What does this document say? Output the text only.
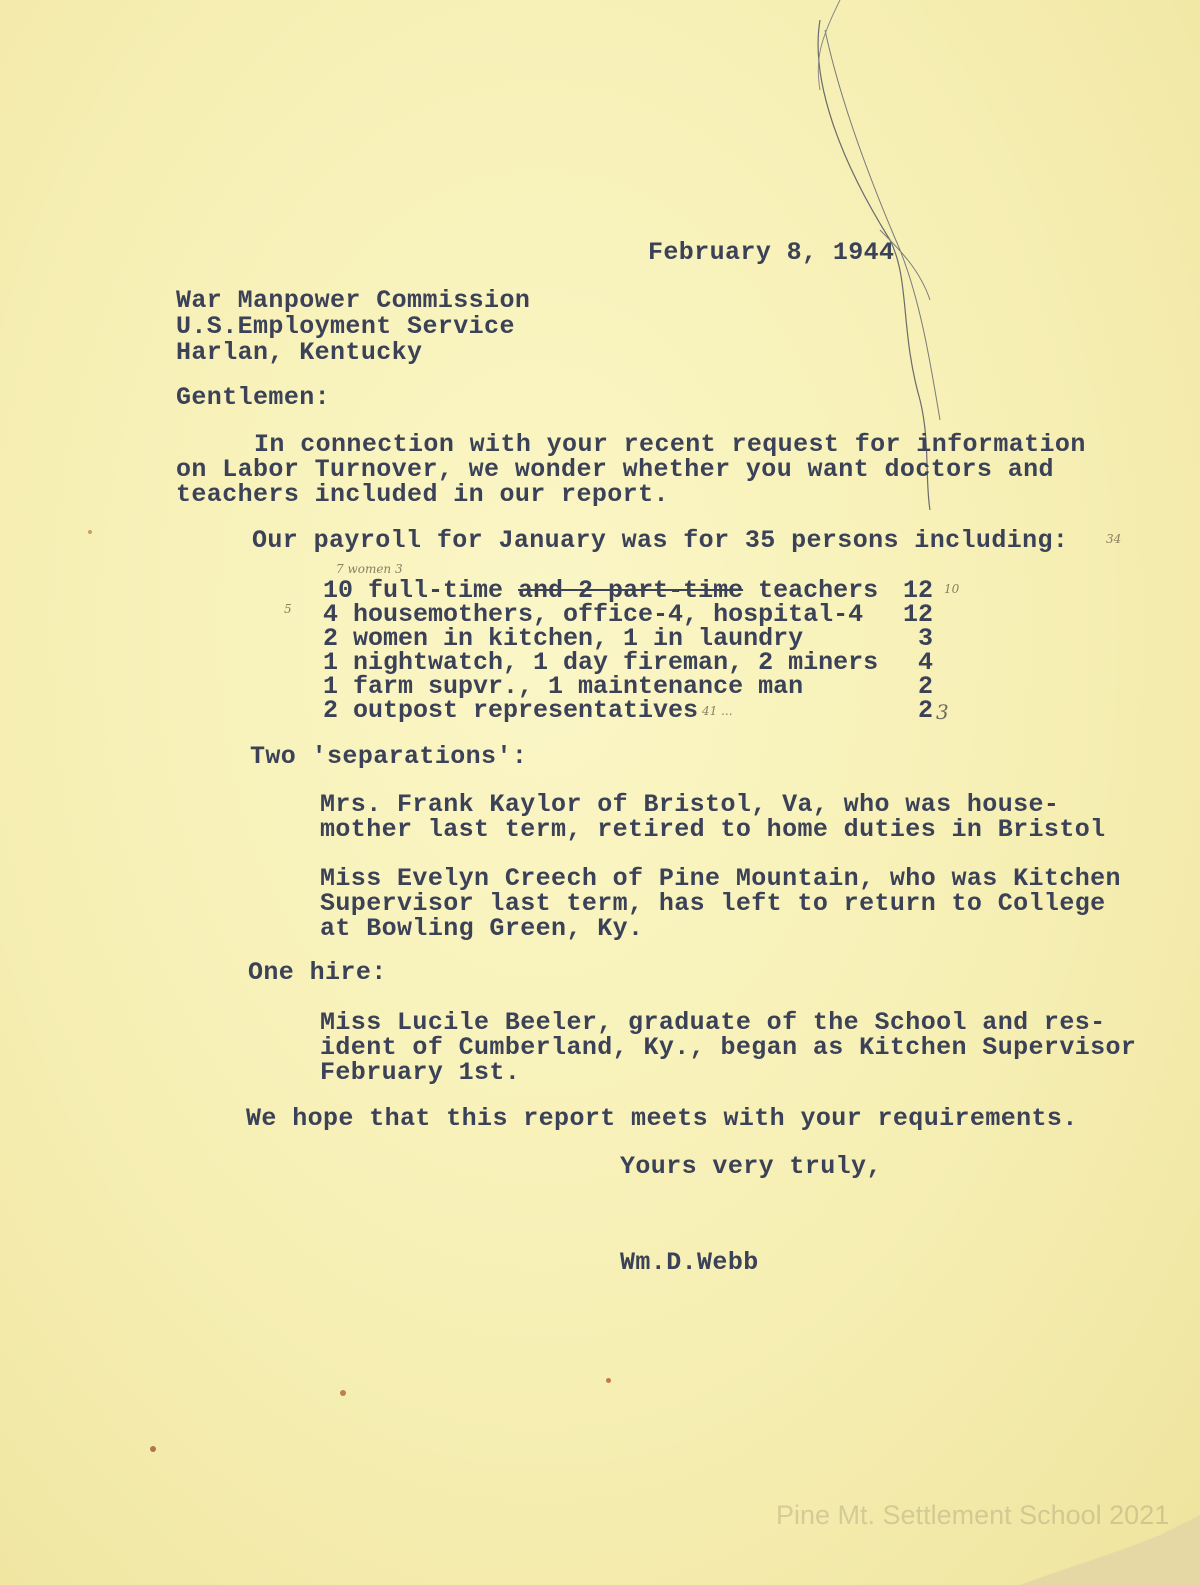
February 8, 1944
War Manpower Commission
U.S.Employment Service
Harlan, Kentucky
Gentlemen:
In connection with your recent request for information
on Labor Turnover, we wonder whether you want doctors and
teachers included in our report.
Our payroll for January was for 35 persons including:
10 full-time and 2 part-time teachers 12
4 housemothers, office-4, hospital-4 12
2 women in kitchen, 1 in laundry	3
1 nightwatch, 1 day fireman, 2 miners 4
1 farm supvr., 1 maintenance man	2
2 outpost representatives	2
7 women 3
10
5
3
41 ...
34
Two 'separations':
Mrs. Frank Kaylor of Bristol, Va, who was house-
mother last term, retired to home duties in Bristol
Miss Evelyn Creech of Pine Mountain, who was Kitchen
Supervisor last term, has left to return to College
at Bowling Green, Ky.
One hire:
Miss Lucile Beeler, graduate of the School and res-
ident of Cumberland, Ky., began as Kitchen Supervisor
February 1st.
We hope that this report meets with your requirements.
Yours very truly,
Wm.D.Webb
Pine Mt. Settlement School 2021
